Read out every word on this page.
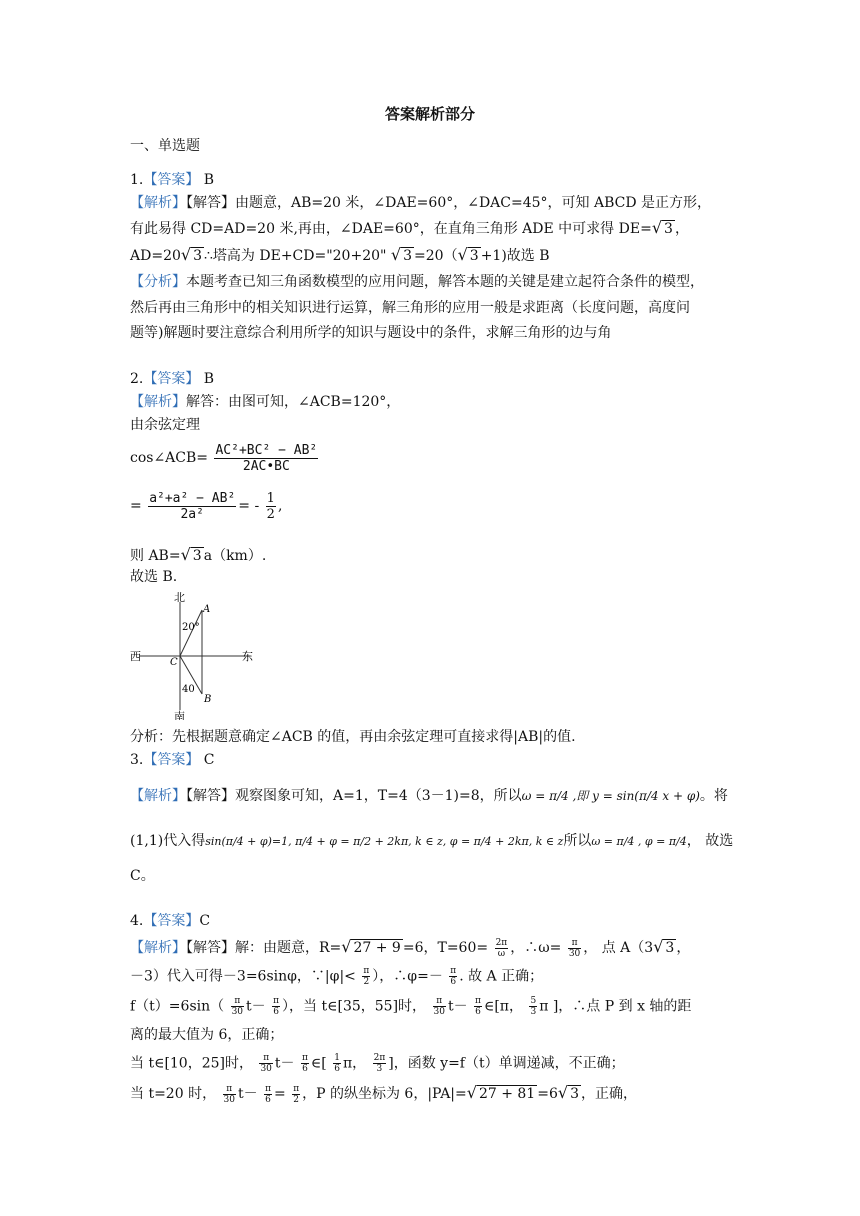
答案解析部分
一、单选题
1.【答案】 B
【解析】【解答】由题意，AB=20 米，∠DAE=60°，∠DAC=45°，可知 ABCD 是正方形，
有此易得 CD=AD=20 米,再由，∠DAE=60°，在直角三角形 ADE 中可求得 DE=√ 3 ，
AD=20√ 3 ∴塔高为 DE+CD="20+20" √ 3 =20（√ 3 +1)故选 B
【分析】本题考查已知三角函数模型的应用问题，解答本题的关键是建立起符合条件的模型，
然后再由三角形中的相关知识进行运算，解三角形的应用一般是求距离（长度问题，高度问
题等)解题时要注意综合利用所学的知识与题设中的条件，求解三角形的边与角
2.【答案】 B
【解析】解答：由图可知，∠ACB=120°，
由余弦定理
cos∠ACB= $\frac{\text{AC²+BC² − AB²}}{2AC•BC}$
= $\frac{\text{a²+a² − AB²}}{\text{2a²}}$ = - $\frac{1}{2}$ ,
则 AB=√ 3 a（km）.
故选 B.
北
南
西	东
A
B
C
20°
40
分析：先根据题意确定∠ACB 的值，再由余弦定理可直接求得|AB|的值.
3.【答案】 C
【解析】【解答】观察图象可知，A=1，T=4（3－1)=8，所以ω = π/4 ,即 y = sin(π/4 x + φ)。将
(1,1)代入得sin(π/4 + φ)=1, π/4 + φ = π/2 + 2kπ, k ∈ z, φ = π/4 + 2kπ, k ∈ z所以ω = π/4 , φ = π/4， 故选
C。
4.【答案】C
【解析】【解答】解：由题意，R=√ 27 + 9 =6，$T=60= \frac{2\pi}{\omega}$ ，∴ω= $\frac{\pi}{30}$ ， 点 A（3√ 3 ，
－3）代入可得－3=6sinφ，∵|φ|< $\frac{\pi}{2}$ ），∴φ=－ $\frac{\pi}{6}$ . 故 A 正确；
$f(t)=6\sin( \frac{\pi}{30} t- \frac{\pi}{6}$ ），当 t∈[35，55]时， $\frac{\pi}{30} t- \frac{\pi}{6}$ ∈[π， $\frac{5}{3}$ π ]，∴点 P 到 x 轴的距
离的最大值为 6，正确；
当 t∈[10，25]时， $\frac{\pi}{30} t- \frac{\pi}{6}$ ∈[ $\frac{1}{6}$ π， $\frac{2\pi}{3}$ ]，函数 y=f（t）单调递减，不正确；
当 t=20 时， $\frac{\pi}{30} t- \frac{\pi}{6} = \frac{\pi}{2}$ ，P 的纵坐标为 6，|PA|=√ 27 + 81 =6√ 3 ，正确，
